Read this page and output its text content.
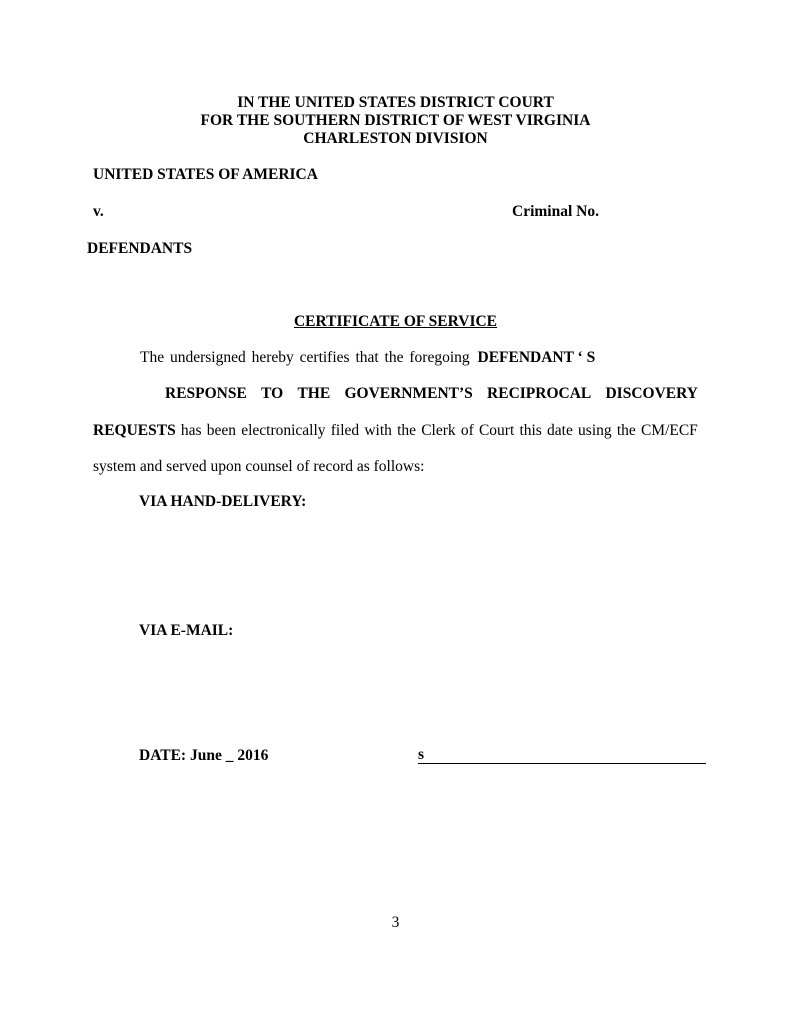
IN THE UNITED STATES DISTRICT COURT
FOR THE SOUTHERN DISTRICT OF WEST VIRGINIA
CHARLESTON DIVISION
UNITED STATES OF AMERICA
v.	Criminal No.
DEFENDANTS
CERTIFICATE OF SERVICE
The undersigned hereby certifies that the foregoing DEFENDANT ‘ S
RESPONSE TO THE GOVERNMENT’S RECIPROCAL DISCOVERY
REQUESTS has been electronically filed with the Clerk of Court this date using the CM/ECF
system and served upon counsel of record as follows:
VIA HAND-DELIVERY:
VIA E-MAIL:
DATE: June _ 2016	s
3
